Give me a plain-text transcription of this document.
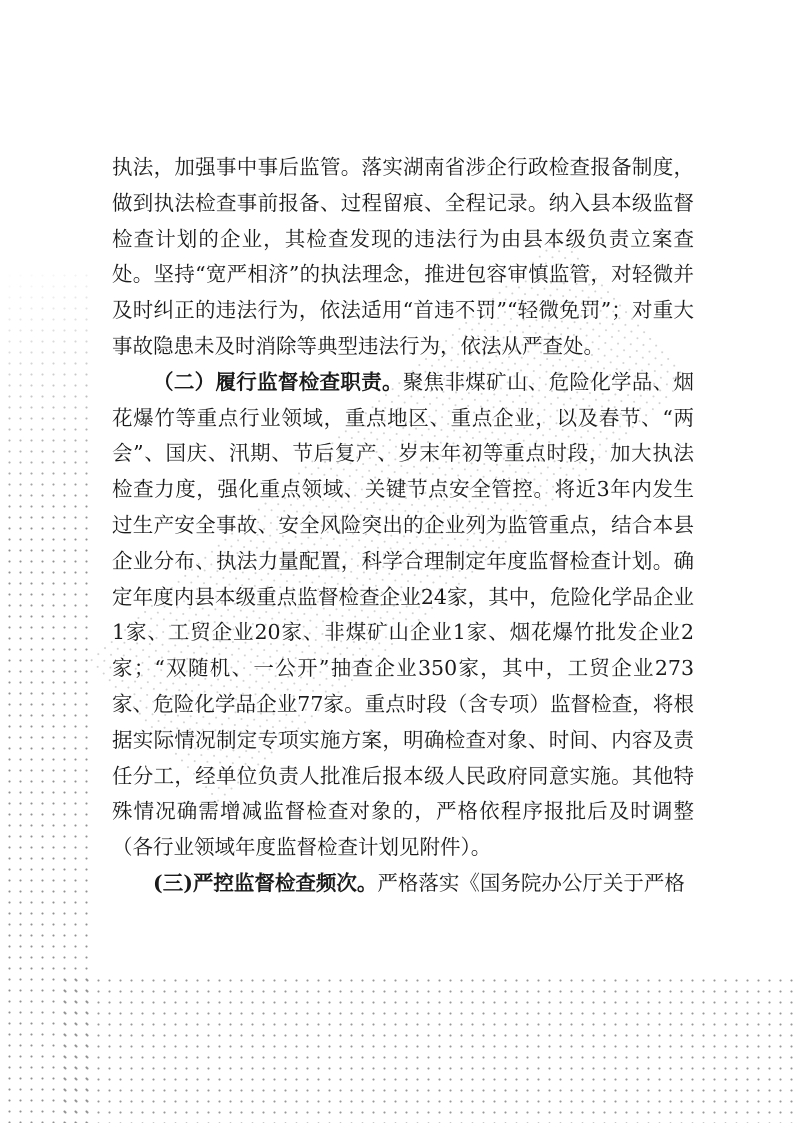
执法，加强事中事后监管。落实湖南省涉企行政检查报备制度，做到执法检查事前报备、过程留痕、全程记录。纳入县本级监督检查计划的企业，其检查发现的违法行为由县本级负责立案查处。坚持“宽严相济”的执法理念，推进包容审慎监管，对轻微并及时纠正的违法行为，依法适用“首违不罚”“轻微免罚”；对重大事故隐患未及时消除等典型违法行为，依法从严查处。

（二）履行监督检查职责。聚焦非煤矿山、危险化学品、烟花爆竹等重点行业领域，重点地区、重点企业，以及春节、“两会”、国庆、汛期、节后复产、岁末年初等重点时段，加大执法检查力度，强化重点领域、关键节点安全管控。将近3年内发生过生产安全事故、安全风险突出的企业列为监管重点，结合本县企业分布、执法力量配置，科学合理制定年度监督检查计划。确定年度内县本级重点监督检查企业24家，其中，危险化学品企业1家、工贸企业20家、非煤矿山企业1家、烟花爆竹批发企业2家；“双随机、一公开”抽查企业350家，其中，工贸企业273家、危险化学品企业77家。重点时段（含专项）监督检查，将根据实际情况制定专项实施方案，明确检查对象、时间、内容及责任分工，经单位负责人批准后报本级人民政府同意实施。其他特殊情况确需增减监督检查对象的，严格依程序报批后及时调整（各行业领域年度监督检查计划见附件）。

(三)严控监督检查频次。严格落实《国务院办公厅关于严格
